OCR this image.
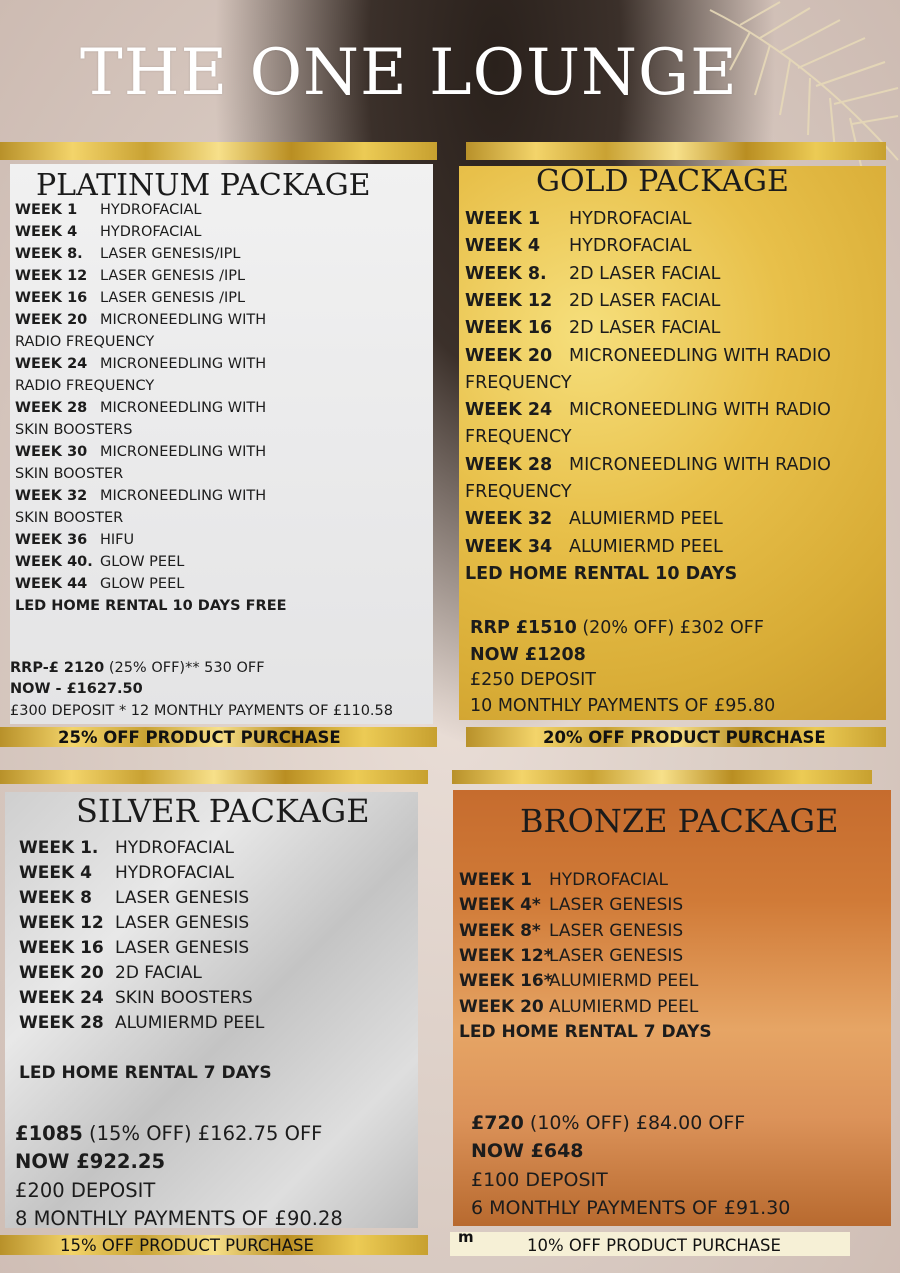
THE ONE LOUNGE
PLATINUM PACKAGE
WEEK 1 HYDROFACIAL
WEEK 4 HYDROFACIAL
WEEK 8. LASER GENESIS/IPL
WEEK 12 LASER GENESIS /IPL
WEEK 16 LASER GENESIS /IPL
WEEK 20 MICRONEEDLING WITH
RADIO FREQUENCY
WEEK 24 MICRONEEDLING WITH
RADIO FREQUENCY
WEEK 28 MICRONEEDLING WITH
SKIN BOOSTERS
WEEK 30 MICRONEEDLING WITH
SKIN BOOSTER
WEEK 32 MICRONEEDLING WITH
SKIN BOOSTER
WEEK 36 HIFU
WEEK 40. GLOW PEEL
WEEK 44 GLOW PEEL
LED HOME RENTAL 10 DAYS FREE
RRP-£ 2120 (25% OFF)** 530 OFF
NOW - £1627.50
£300 DEPOSIT * 12 MONTHLY PAYMENTS OF £110.58
25% OFF PRODUCT PURCHASE
GOLD PACKAGE
WEEK 1 HYDROFACIAL
WEEK 4 HYDROFACIAL
WEEK 8. 2D LASER FACIAL
WEEK 12 2D LASER FACIAL
WEEK 16 2D LASER FACIAL
WEEK 20 MICRONEEDLING WITH RADIO
FREQUENCY
WEEK 24 MICRONEEDLING WITH RADIO
FREQUENCY
WEEK 28 MICRONEEDLING WITH RADIO
FREQUENCY
WEEK 32 ALUMIERMD PEEL
WEEK 34 ALUMIERMD PEEL
LED HOME RENTAL 10 DAYS
RRP £1510 (20% OFF) £302 OFF
NOW £1208
£250 DEPOSIT
10 MONTHLY PAYMENTS OF £95.80
20% OFF PRODUCT PURCHASE
SILVER PACKAGE
WEEK 1. HYDROFACIAL
WEEK 4 HYDROFACIAL
WEEK 8 LASER GENESIS
WEEK 12 LASER GENESIS
WEEK 16 LASER GENESIS
WEEK 20 2D FACIAL
WEEK 24 SKIN BOOSTERS
WEEK 28 ALUMIERMD PEEL
LED HOME RENTAL 7 DAYS
£1085 (15% OFF) £162.75 OFF
NOW £922.25
£200 DEPOSIT
8 MONTHLY PAYMENTS OF £90.28
15% OFF PRODUCT PURCHASE
BRONZE PACKAGE
WEEK 1 HYDROFACIAL
WEEK 4* LASER GENESIS
WEEK 8* LASER GENESIS
WEEK 12*LASER GENESIS
WEEK 16*ALUMIERMD PEEL
WEEK 20 ALUMIERMD PEEL
LED HOME RENTAL 7 DAYS
£720 (10% OFF) £84.00 OFF
NOW £648
£100 DEPOSIT
6 MONTHLY PAYMENTS OF £91.30
m	10% OFF PRODUCT PURCHASE
